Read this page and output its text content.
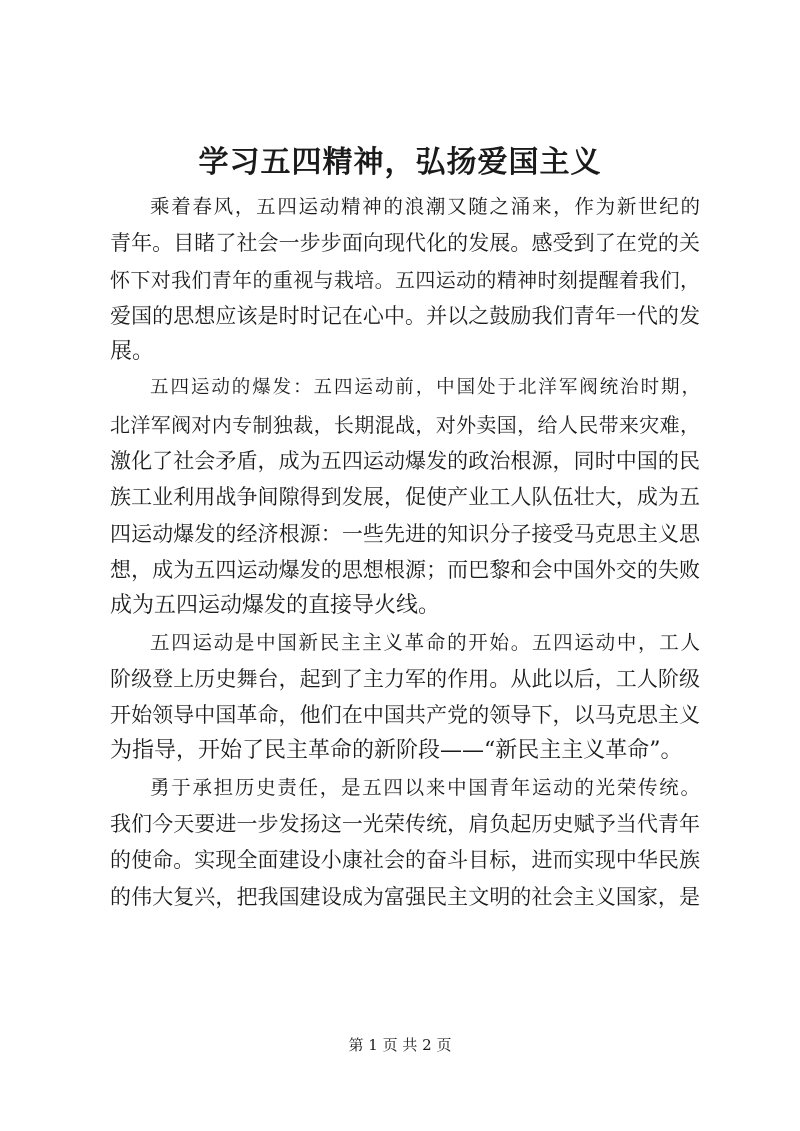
学习五四精神，弘扬爱国主义
乘着春风，五四运动精神的浪潮又随之涌来，作为新世纪的
青年。目睹了社会一步步面向现代化的发展。感受到了在党的关
怀下对我们青年的重视与栽培。五四运动的精神时刻提醒着我们，
爱国的思想应该是时时记在心中。并以之鼓励我们青年一代的发
展。
五四运动的爆发：五四运动前，中国处于北洋军阀统治时期，
北洋军阀对内专制独裁，长期混战，对外卖国，给人民带来灾难，
激化了社会矛盾，成为五四运动爆发的政治根源，同时中国的民
族工业利用战争间隙得到发展，促使产业工人队伍壮大，成为五
四运动爆发的经济根源：一些先进的知识分子接受马克思主义思
想，成为五四运动爆发的思想根源；而巴黎和会中国外交的失败
成为五四运动爆发的直接导火线。
五四运动是中国新民主主义革命的开始。五四运动中，工人
阶级登上历史舞台，起到了主力军的作用。从此以后，工人阶级
开始领导中国革命，他们在中国共产党的领导下，以马克思主义
为指导，开始了民主革命的新阶段——“新民主主义革命”。
勇于承担历史责任，是五四以来中国青年运动的光荣传统。
我们今天要进一步发扬这一光荣传统，肩负起历史赋予当代青年
的使命。实现全面建设小康社会的奋斗目标，进而实现中华民族
的伟大复兴，把我国建设成为富强民主文明的社会主义国家，是
第 1 页 共 2 页
